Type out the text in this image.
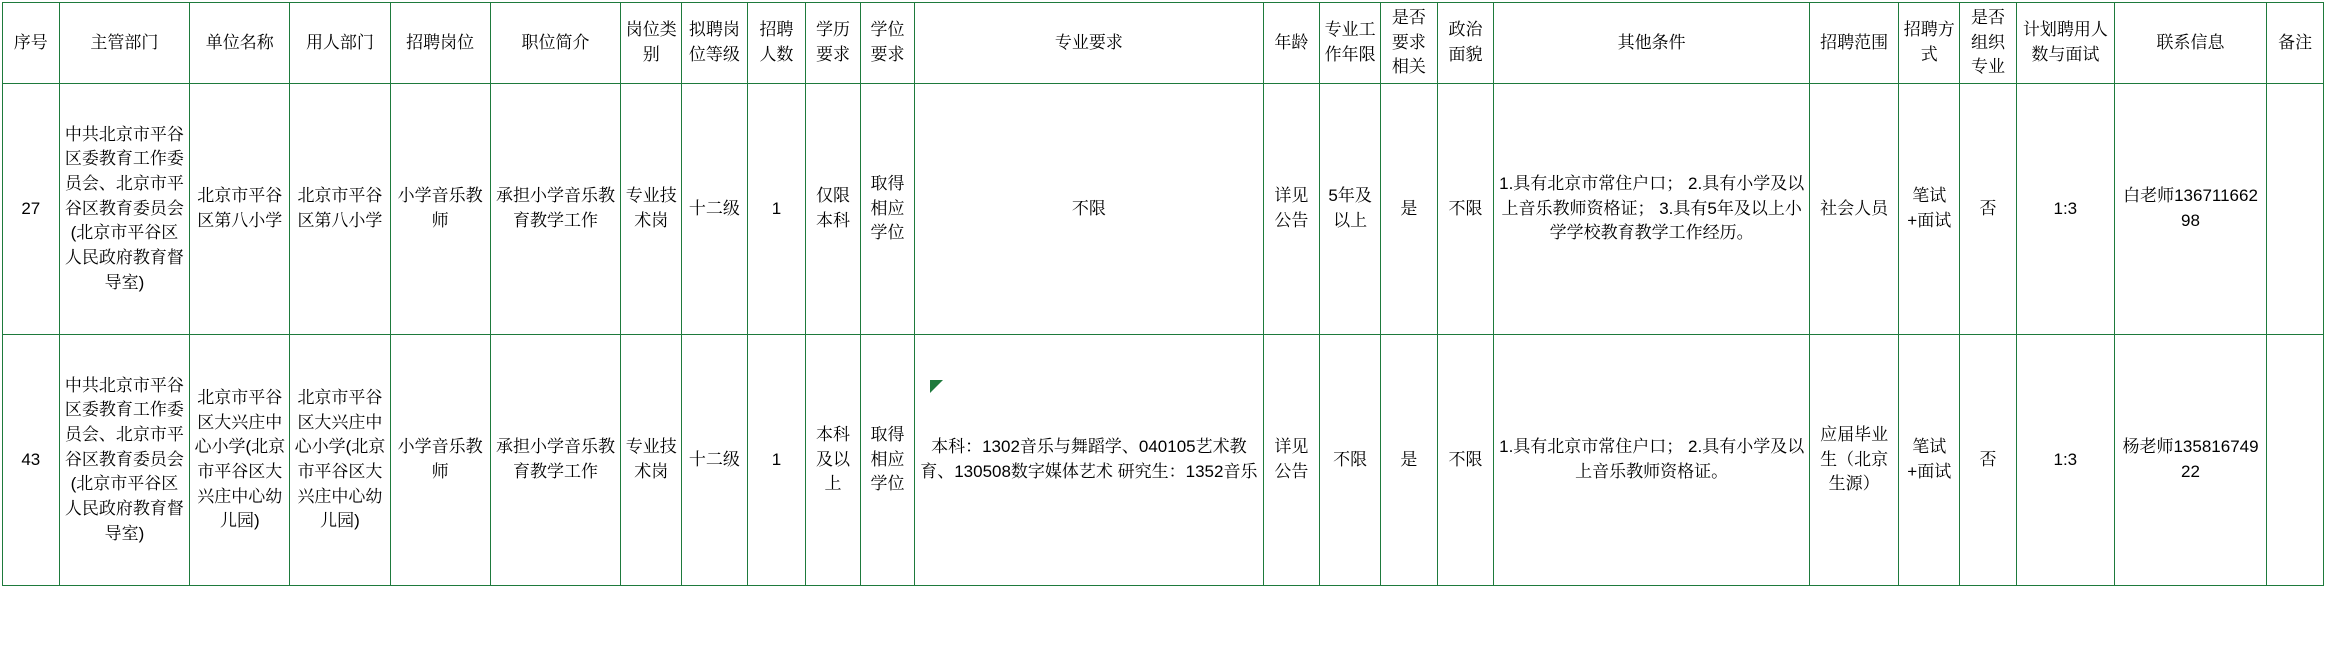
序号	主管部门	单位名称	用人部门	招聘岗位	职位简介	岗位类别	拟聘岗位等级	招聘人数	学历要求	学位要求	专业要求	年龄	专业工作年限	是否要求相关	政治面貌	其他条件	招聘范围	招聘方式	是否组织专业	计划聘用人数与面试	联系信息	备注
27	中共北京市平谷区委教育工作委员会、北京市平谷区教育委员会(北京市平谷区人民政府教育督导室)	北京市平谷区第八小学	北京市平谷区第八小学	小学音乐教师	承担小学音乐教育教学工作	专业技术岗	十二级	1	仅限本科	取得相应学位	不限	详见公告	5年及以上	是	不限	1.具有北京市常住户口； 2.具有小学及以上音乐教师资格证； 3.具有5年及以上小学学校教育教学工作经历。	社会人员	笔试+面试	否	1:3	白老师13671166298	
43	中共北京市平谷区委教育工作委员会、北京市平谷区教育委员会(北京市平谷区人民政府教育督导室)	北京市平谷区大兴庄中心小学(北京市平谷区大兴庄中心幼儿园)	北京市平谷区大兴庄中心小学(北京市平谷区大兴庄中心幼儿园)	小学音乐教师	承担小学音乐教育教学工作	专业技术岗	十二级	1	本科及以上	取得相应学位	本科：1302音乐与舞蹈学、040105艺术教育、130508数字媒体艺术 研究生：1352音乐	详见公告	不限	是	不限	1.具有北京市常住户口； 2.具有小学及以上音乐教师资格证。	应届毕业生（北京生源）	笔试+面试	否	1:3	杨老师13581674922	
